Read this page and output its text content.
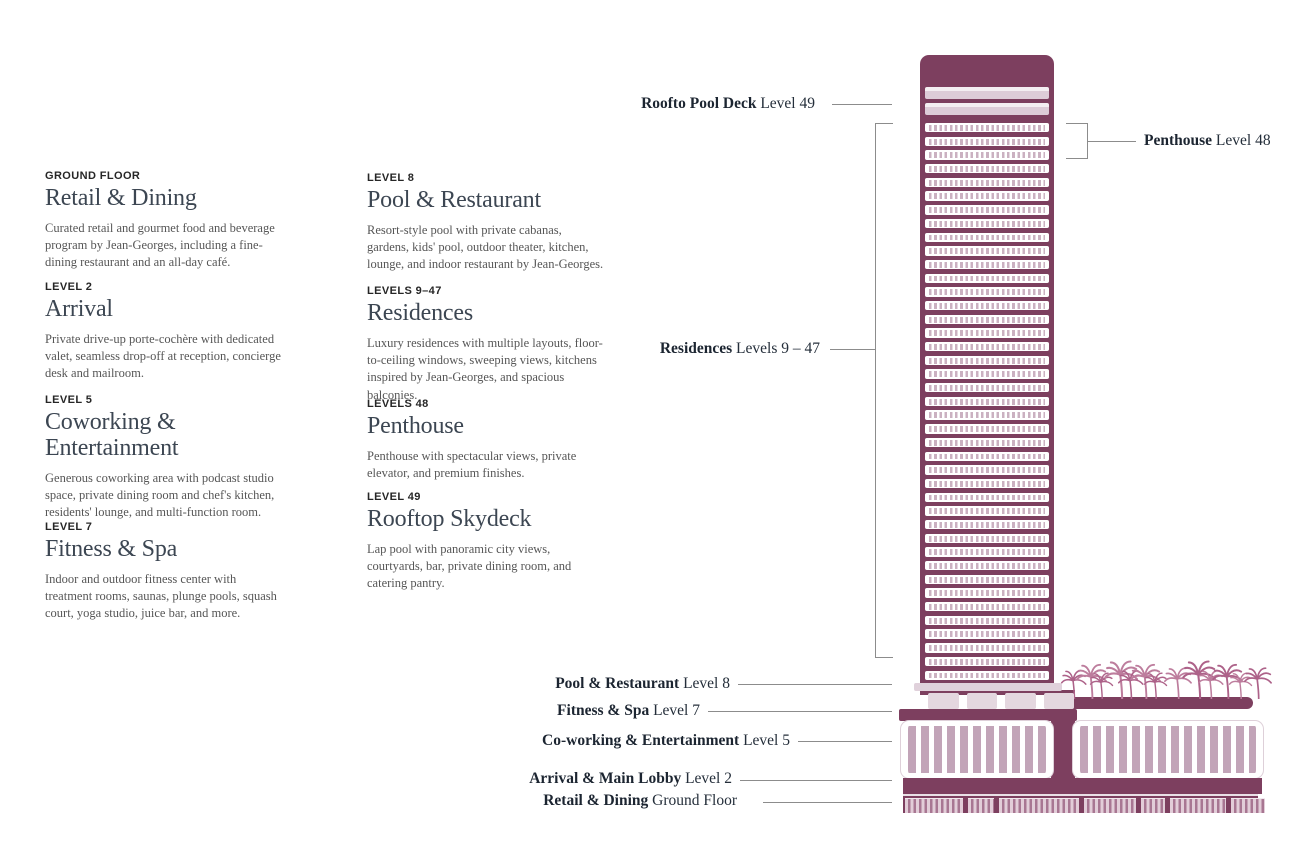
GROUND FLOOR
Retail & Dining
Curated retail and gourmet food and beverage program by Jean-Georges, including a fine-dining restaurant and an all-day café.
LEVEL 2
Arrival
Private drive-up porte-cochère with dedicated valet, seamless drop-off at reception, concierge desk and mailroom.
LEVEL 5
Coworking & Entertainment
Generous coworking area with podcast studio space, private dining room and chef's kitchen, residents' lounge, and multi-function room.
LEVEL 7
Fitness & Spa
Indoor and outdoor fitness center with treatment rooms, saunas, plunge pools, squash court, yoga studio, juice bar, and more.
LEVEL 8
Pool & Restaurant
Resort-style pool with private cabanas, gardens, kids' pool, outdoor theater, kitchen, lounge, and indoor restaurant by Jean-Georges.
LEVELS 9–47
Residences
Luxury residences with multiple layouts, floor-to-ceiling windows, sweeping views, kitchens inspired by Jean-Georges, and spacious balconies.
LEVELS 48
Penthouse
Penthouse with spectacular views, private elevator, and premium finishes.
LEVEL 49
Rooftop Skydeck
Lap pool with panoramic city views, courtyards, bar, private dining room, and catering pantry.
Roofto Pool Deck Level 49
Penthouse Level 48
Residences Levels 9 – 47
Pool & Restaurant Level 8
Fitness & Spa Level 7
Co-working & Entertainment Level 5
Arrival & Main Lobby Level 2
Retail & Dining Ground Floor
